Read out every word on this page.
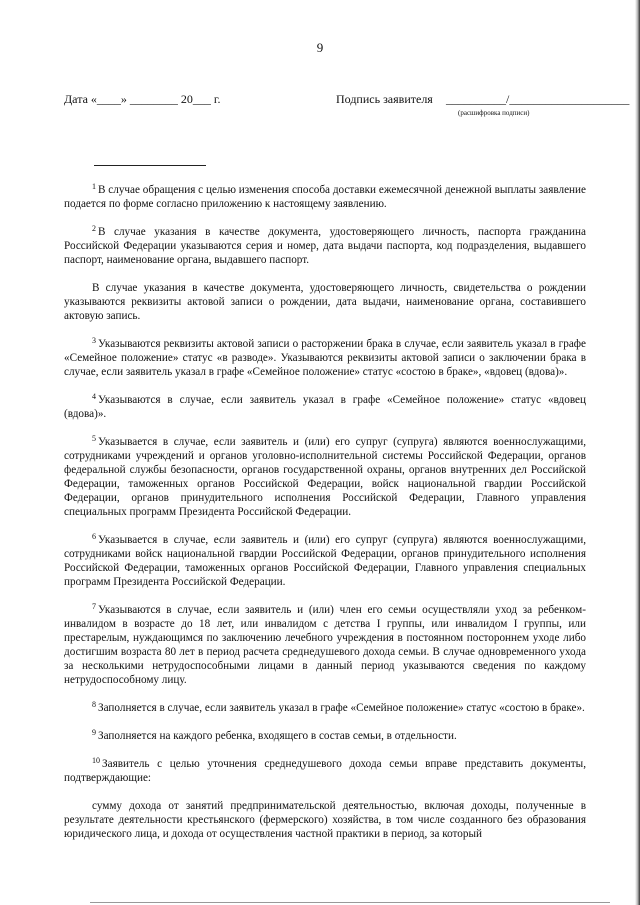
9
Дата «____» ________ 20___ г.	Подпись заявителя __________/____________________
(расшифровка подписи)

$^1$ В случае обращения с целью изменения способа доставки ежемесячной денежной выплаты заявление подается по форме согласно приложению к настоящему заявлению.

$^2$ В случае указания в качестве документа, удостоверяющего личность, паспорта гражданина Российской Федерации указываются серия и номер, дата выдачи паспорта, код подразделения, выдавшего паспорт, наименование органа, выдавшего паспорт.

В случае указания в качестве документа, удостоверяющего личность, свидетельства о рождении указываются реквизиты актовой записи о рождении, дата выдачи, наименование органа, составившего актовую запись.

$^3$ Указываются реквизиты актовой записи о расторжении брака в случае, если заявитель указал в графе «Семейное положение» статус «в разводе». Указываются реквизиты актовой записи о заключении брака в случае, если заявитель указал в графе «Семейное положение» статус «состою в браке», «вдовец (вдова)».

$^4$ Указываются в случае, если заявитель указал в графе «Семейное положение» статус «вдовец (вдова)».

$^5$ Указывается в случае, если заявитель и (или) его супруг (супруга) являются военнослужащими, сотрудниками учреждений и органов уголовно-исполнительной системы Российской Федерации, органов федеральной службы безопасности, органов государственной охраны, органов внутренних дел Российской Федерации, таможенных органов Российской Федерации, войск национальной гвардии Российской Федерации, органов принудительного исполнения Российской Федерации, Главного управления специальных программ Президента Российской Федерации.

$^6$ Указывается в случае, если заявитель и (или) его супруг (супруга) являются военнослужащими, сотрудниками войск национальной гвардии Российской Федерации, органов принудительного исполнения Российской Федерации, таможенных органов Российской Федерации, Главного управления специальных программ Президента Российской Федерации.

$^7$ Указываются в случае, если заявитель и (или) член его семьи осуществляли уход за ребенком-инвалидом в возрасте до 18 лет, или инвалидом с детства I группы, или инвалидом I группы, или престарелым, нуждающимся по заключению лечебного учреждения в постоянном постороннем уходе либо достигшим возраста 80 лет в период расчета среднедушевого дохода семьи. В случае одновременного ухода за несколькими нетрудоспособными лицами в данный период указываются сведения по каждому нетрудоспособному лицу.

$^8$ Заполняется в случае, если заявитель указал в графе «Семейное положение» статус «состою в браке».

$^9$ Заполняется на каждого ребенка, входящего в состав семьи, в отдельности.

$^{10}$ Заявитель с целью уточнения среднедушевого дохода семьи вправе представить документы, подтверждающие:

сумму дохода от занятий предпринимательской деятельностью, включая доходы, полученные в результате деятельности крестьянского (фермерского) хозяйства, в том числе созданного без образования юридического лица, и дохода от осуществления частной практики в период, за который
